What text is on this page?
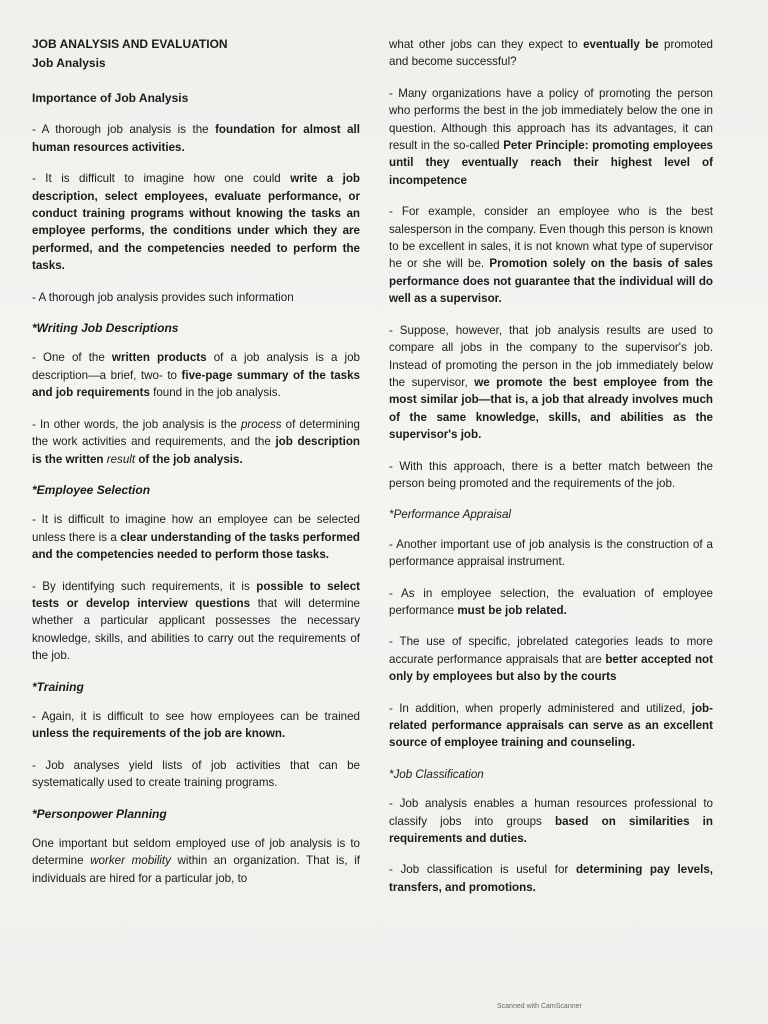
JOB ANALYSIS AND EVALUATION
Job Analysis
Importance of Job Analysis

- A thorough job analysis is the foundation for almost all human resources activities.

- It is difficult to imagine how one could write a job description, select employees, evaluate performance, or conduct training programs without knowing the tasks an employee performs, the conditions under which they are performed, and the competencies needed to perform the tasks.

- A thorough job analysis provides such information

*Writing Job Descriptions

- One of the written products of a job analysis is a job description—a brief, two- to five-page summary of the tasks and job requirements found in the job analysis.

- In other words, the job analysis is the process of determining the work activities and requirements, and the job description is the written result of the job analysis.

*Employee Selection

- It is difficult to imagine how an employee can be selected unless there is a clear understanding of the tasks performed and the competencies needed to perform those tasks.

- By identifying such requirements, it is possible to select tests or develop interview questions that will determine whether a particular applicant possesses the necessary knowledge, skills, and abilities to carry out the requirements of the job.

*Training

- Again, it is difficult to see how employees can be trained unless the requirements of the job are known.

- Job analyses yield lists of job activities that can be systematically used to create training programs.

*Personpower Planning

One important but seldom employed use of job analysis is to determine worker mobility within an organization. That is, if individuals are hired for a particular job, to

what other jobs can they expect to eventually be promoted and become successful?

- Many organizations have a policy of promoting the person who performs the best in the job immediately below the one in question. Although this approach has its advantages, it can result in the so-called Peter Principle: promoting employees until they eventually reach their highest level of incompetence

- For example, consider an employee who is the best salesperson in the company. Even though this person is known to be excellent in sales, it is not known what type of supervisor he or she will be. Promotion solely on the basis of sales performance does not guarantee that the individual will do well as a supervisor.

- Suppose, however, that job analysis results are used to compare all jobs in the company to the supervisor's job. Instead of promoting the person in the job immediately below the supervisor, we promote the best employee from the most similar job—that is, a job that already involves much of the same knowledge, skills, and abilities as the supervisor's job.

- With this approach, there is a better match between the person being promoted and the requirements of the job.

*Performance Appraisal

- Another important use of job analysis is the construction of a performance appraisal instrument.

- As in employee selection, the evaluation of employee performance must be job related.

- The use of specific, jobrelated categories leads to more accurate performance appraisals that are better accepted not only by employees but also by the courts

- In addition, when properly administered and utilized, job-related performance appraisals can serve as an excellent source of employee training and counseling.

*Job Classification

- Job analysis enables a human resources professional to classify jobs into groups based on similarities in requirements and duties.

- Job classification is useful for determining pay levels, transfers, and promotions.

Scanned with CamScanner
